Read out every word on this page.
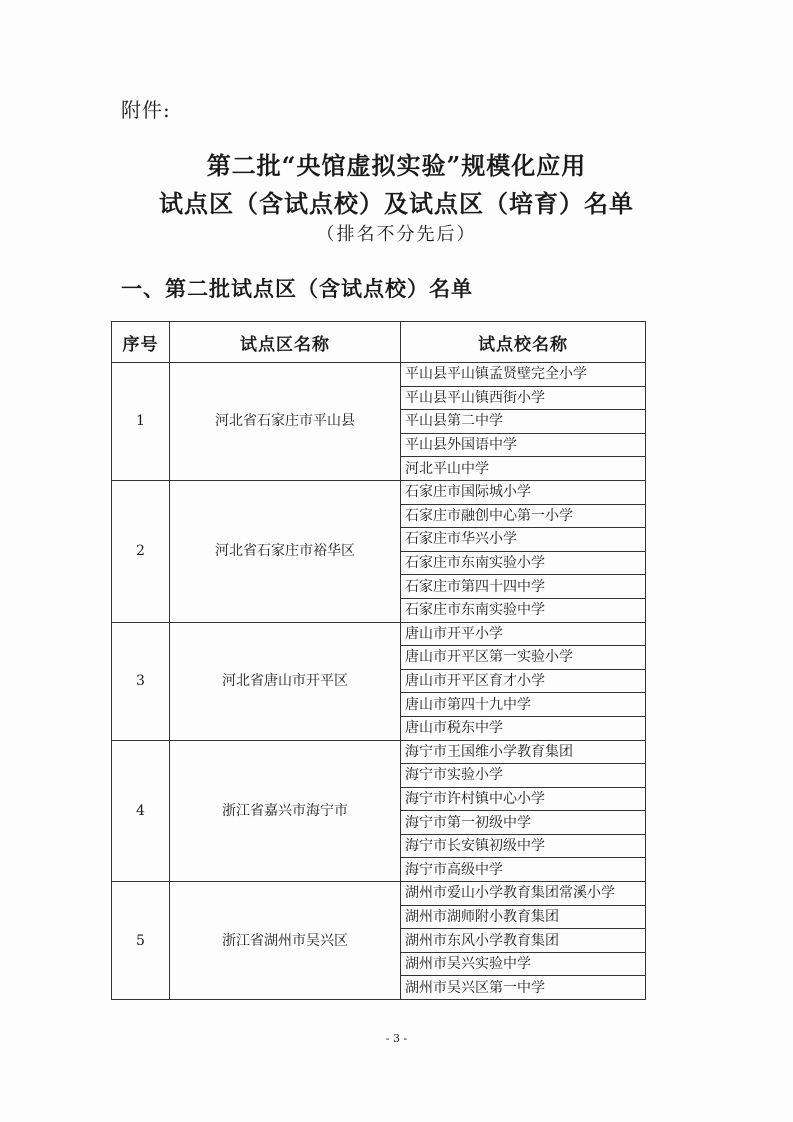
附件:
第二批“央馆虚拟实验”规模化应用
试点区（含试点校）及试点区（培育）名单
（排名不分先后）
一、第二批试点区（含试点校）名单
序号	试点区名称	试点校名称
1	河北省石家庄市平山县	平山县平山镇孟贤壁完全小学
		平山县平山镇西街小学
		平山县第二中学
		平山县外国语中学
		河北平山中学
2	河北省石家庄市裕华区	石家庄市国际城小学
		石家庄市融创中心第一小学
		石家庄市华兴小学
		石家庄市东南实验小学
		石家庄市第四十四中学
		石家庄市东南实验中学
3	河北省唐山市开平区	唐山市开平小学
		唐山市开平区第一实验小学
		唐山市开平区育才小学
		唐山市第四十九中学
		唐山市税东中学
4	浙江省嘉兴市海宁市	海宁市王国维小学教育集团
		海宁市实验小学
		海宁市许村镇中心小学
		海宁市第一初级中学
		海宁市长安镇初级中学
		海宁市高级中学
5	浙江省湖州市吴兴区	湖州市爱山小学教育集团常溪小学
		湖州市湖师附小教育集团
		湖州市东风小学教育集团
		湖州市吴兴实验中学
		湖州市吴兴区第一中学
- 3 -
